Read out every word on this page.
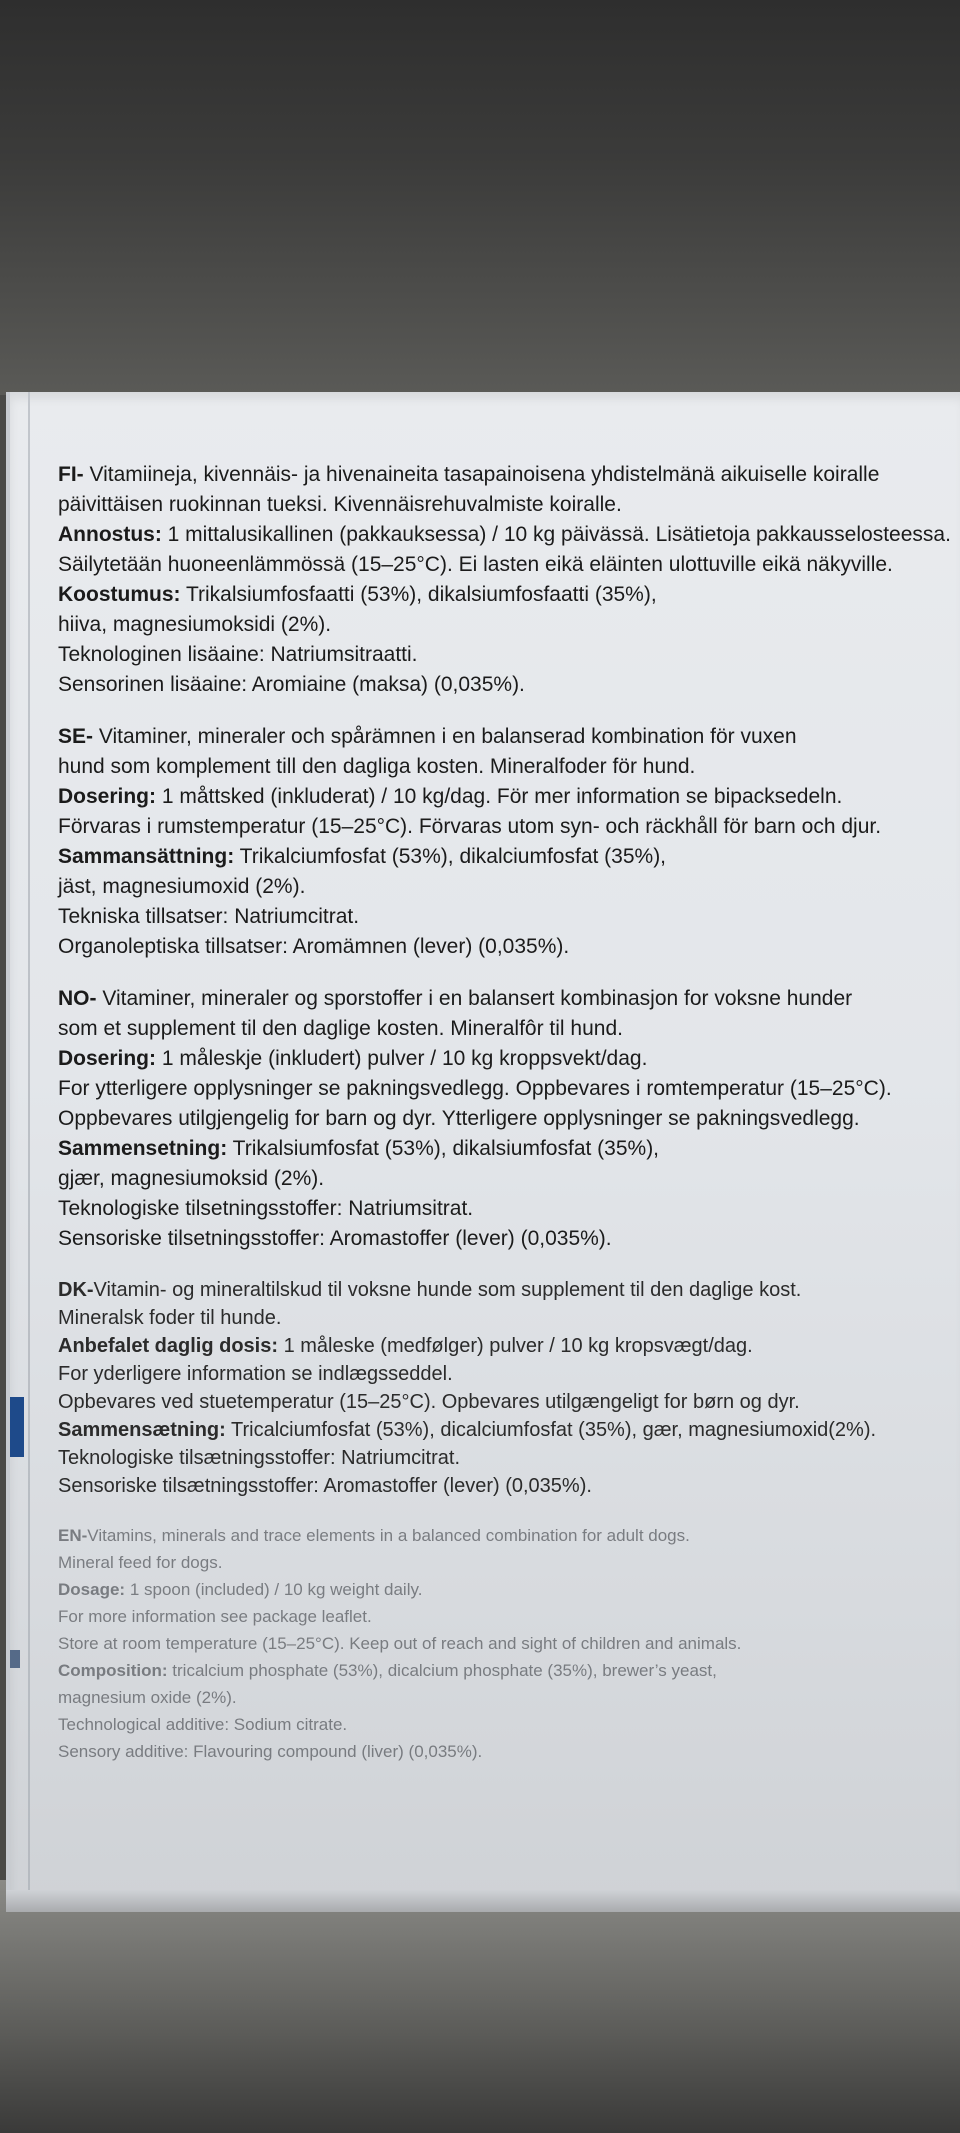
FI- Vitamiineja, kivennäis- ja hivenaineita tasapainoisena yhdistelmänä aikuiselle koiralle
päivittäisen ruokinnan tueksi. Kivennäisrehuvalmiste koiralle.
Annostus: 1 mittalusikallinen (pakkauksessa) / 10 kg päivässä. Lisätietoja pakkausselosteessa.
Säilytetään huoneenlämmössä (15–25°C). Ei lasten eikä eläinten ulottuville eikä näkyville.
Koostumus: Trikalsiumfosfaatti (53%), dikalsiumfosfaatti (35%),
hiiva, magnesiumoksidi (2%).
Teknologinen lisäaine: Natriumsitraatti.
Sensorinen lisäaine: Aromiaine (maksa) (0,035%).
SE- Vitaminer, mineraler och spårämnen i en balanserad kombination för vuxen
hund som komplement till den dagliga kosten. Mineralfoder för hund.
Dosering: 1 måttsked (inkluderat) / 10 kg/dag. För mer information se bipacksedeln.
Förvaras i rumstemperatur (15–25°C). Förvaras utom syn- och räckhåll för barn och djur.
Sammansättning: Trikalciumfosfat (53%), dikalciumfosfat (35%),
jäst, magnesiumoxid (2%).
Tekniska tillsatser: Natriumcitrat.
Organoleptiska tillsatser: Aromämnen (lever) (0,035%).
NO- Vitaminer, mineraler og sporstoffer i en balansert kombinasjon for voksne hunder
som et supplement til den daglige kosten. Mineralfôr til hund.
Dosering: 1 måleskje (inkludert) pulver / 10 kg kroppsvekt/dag.
For ytterligere opplysninger se pakningsvedlegg. Oppbevares i romtemperatur (15–25°C).
Oppbevares utilgjengelig for barn og dyr. Ytterligere opplysninger se pakningsvedlegg.
Sammensetning: Trikalsiumfosfat (53%), dikalsiumfosfat (35%),
gjær, magnesiumoksid (2%).
Teknologiske tilsetningsstoffer: Natriumsitrat.
Sensoriske tilsetningsstoffer: Aromastoffer (lever) (0,035%).
DK-Vitamin- og mineraltilskud til voksne hunde som supplement til den daglige kost.
Mineralsk foder til hunde.
Anbefalet daglig dosis: 1 måleske (medfølger) pulver / 10 kg kropsvægt/dag.
For yderligere information se indlægsseddel.
Opbevares ved stuetemperatur (15–25°C). Opbevares utilgængeligt for børn og dyr.
Sammensætning: Tricalciumfosfat (53%), dicalciumfosfat (35%), gær, magnesiumoxid(2%).
Teknologiske tilsætningsstoffer: Natriumcitrat.
Sensoriske tilsætningsstoffer: Aromastoffer (lever) (0,035%).
EN-Vitamins, minerals and trace elements in a balanced combination for adult dogs.
Mineral feed for dogs.
Dosage: 1 spoon (included) / 10 kg weight daily.
For more information see package leaflet.
Store at room temperature (15–25°C). Keep out of reach and sight of children and animals.
Composition: tricalcium phosphate (53%), dicalcium phosphate (35%), brewer’s yeast,
magnesium oxide (2%).
Technological additive: Sodium citrate.
Sensory additive: Flavouring compound (liver) (0,035%).
